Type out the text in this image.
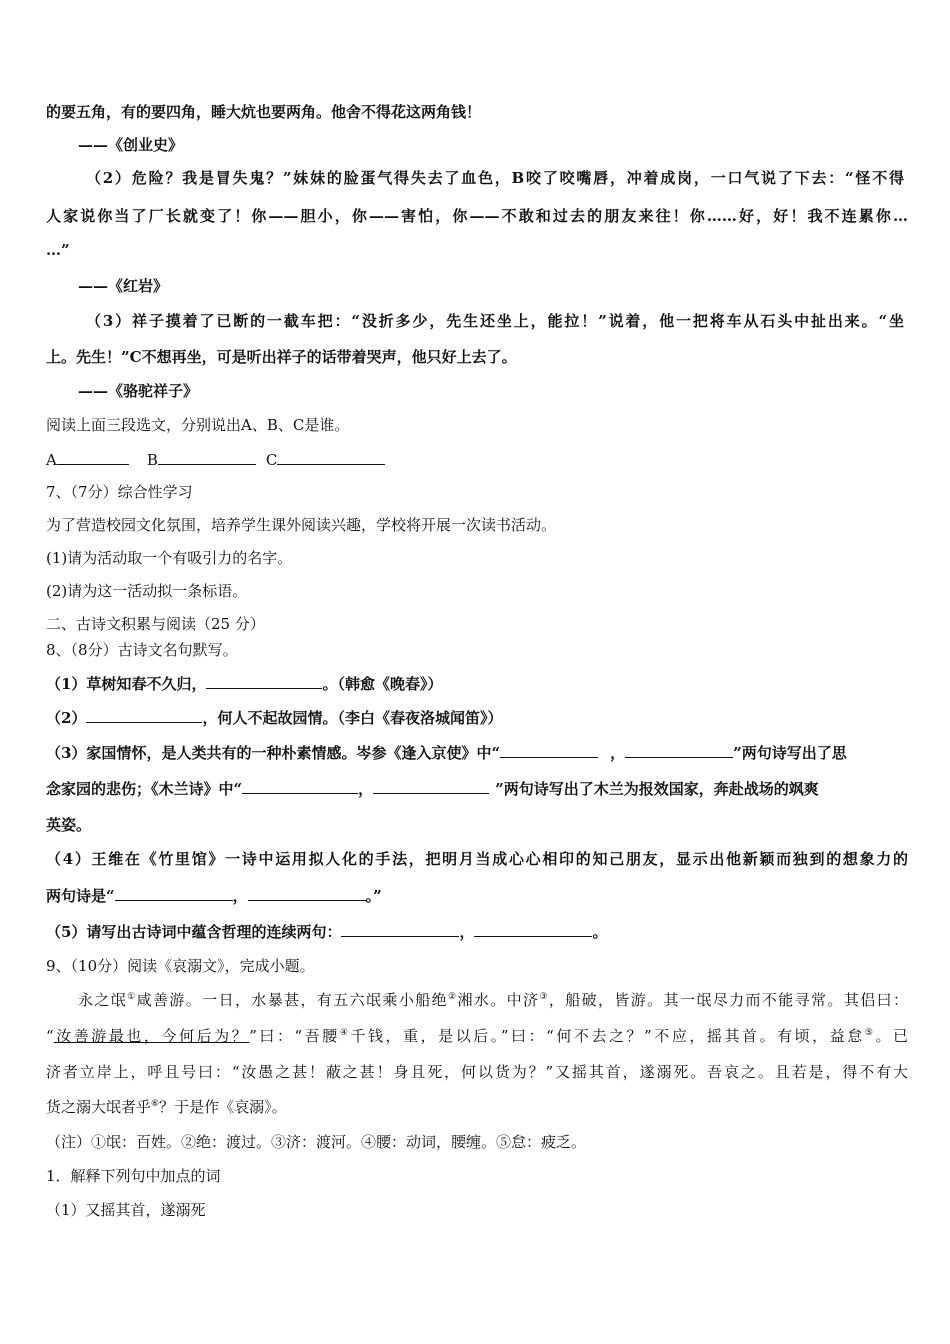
的要五角，有的要四角，睡大炕也要两角。他舍不得花这两角钱！
——《创业史》
（2）危险？我是冒失鬼？”妹妹的脸蛋气得失去了血色，B咬了咬嘴唇，冲着成岗，一口气说了下去：“怪不得
人家说你当了厂长就变了！你——胆小，你——害怕，你——不敢和过去的朋友来往！你……好，好！我不连累你…
…”
——《红岩》
（3）祥子摸着了已断的一截车把：“没折多少，先生还坐上，能拉！”说着，他一把将车从石头中扯出来。“坐
上。先生！”C不想再坐，可是听出祥子的话带着哭声，他只好上去了。
——《骆驼祥子》
阅读上面三段选文，分别说出A、B、C是谁。
A	B	C
7、（7分）综合性学习
为了营造校园文化氛围，培养学生课外阅读兴趣，学校将开展一次读书活动。
(1)请为活动取一个有吸引力的名字。
(2)请为这一活动拟一条标语。
二、古诗文积累与阅读（25 分）
8、（8分）古诗文名句默写。
（1）草树知春不久归，	。（韩愈《晚春》）
（2）	，何人不起故园情。（李白《春夜洛城闻笛》）
（3）家国情怀，是人类共有的一种朴素情感。岑参《逢入京使》中“	，	”两句诗写出了思
念家园的悲伤；《木兰诗》中“	，	”两句诗写出了木兰为报效国家，奔赴战场的飒爽
英姿。
（4）王维在《竹里馆》一诗中运用拟人化的手法，把明月当成心心相印的知己朋友，显示出他新颖而独到的想象力的
两句诗是“	，	。”
（5）请写出古诗词中蕴含哲理的连续两句：	，	。
9、（10分）阅读《哀溺文》，完成小题。
永之氓①咸善游。一日，水暴甚，有五六氓乘小船绝②湘水。中济③，船破，皆游。其一氓尽力而不能寻常。其侣曰：
“汝善游最也，今何后为？”曰：“吾腰④千钱，重，是以后。”曰：“何不去之？”不应，摇其首。有顷，益怠⑤。已
济者立岸上，呼且号曰：“汝愚之甚！蔽之甚！身且死，何以货为？”又摇其首，遂溺死。吾哀之。且若是，得不有大
货之溺大氓者乎⑥？于是作《哀溺》。
（注）①氓：百姓。②绝：渡过。③济：渡河。④腰：动词，腰缠。⑤怠：疲乏。
1．解释下列句中加点的词
（1）又摇其首，遂溺死
